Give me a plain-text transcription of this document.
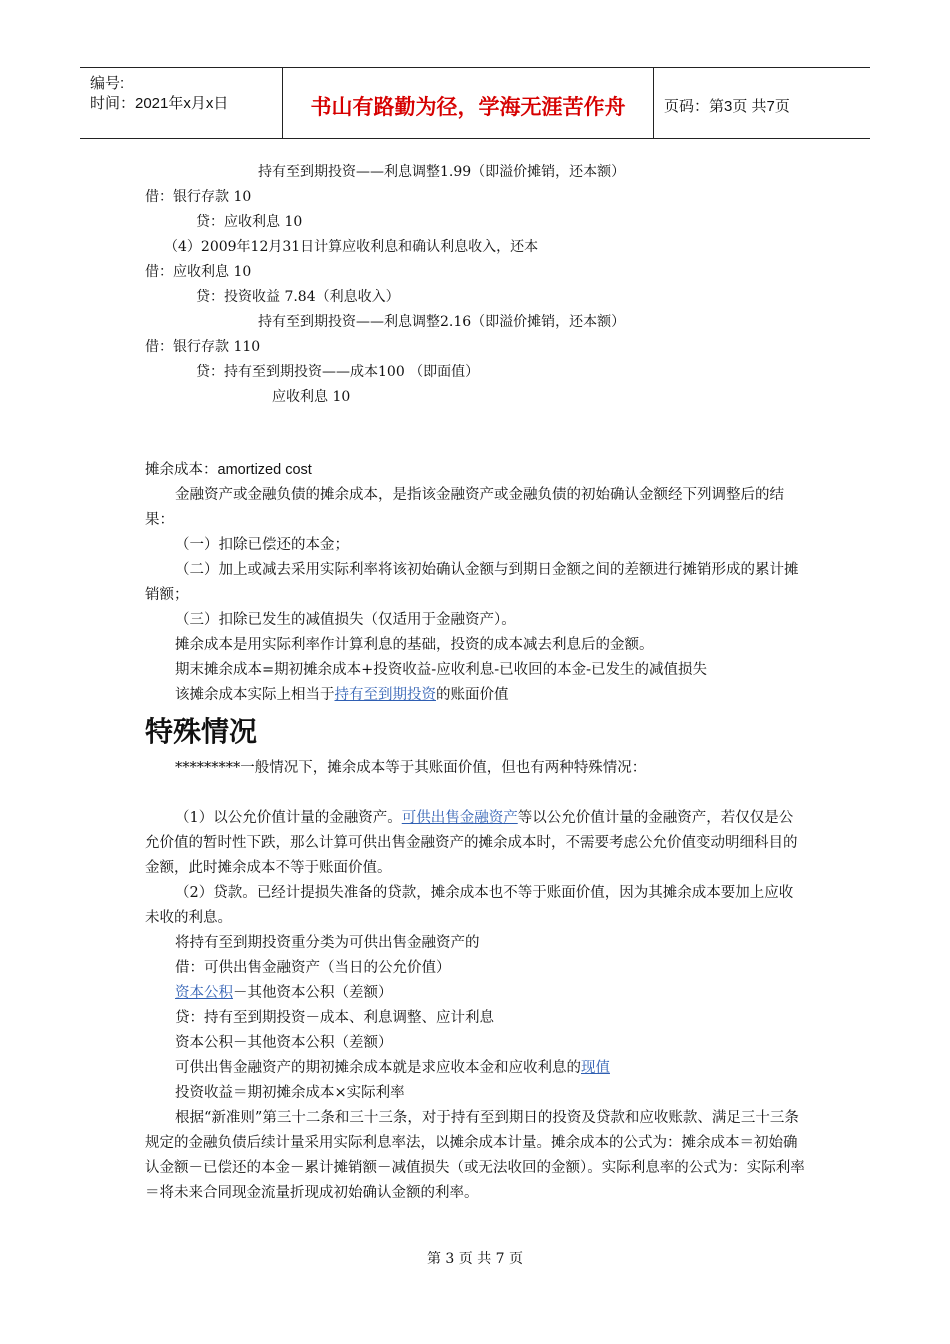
编号:
时间：2021年x月x日	书山有路勤为径，学海无涯苦作舟	页码：第3页 共7页
持有至到期投资——利息调整1.99（即溢价摊销，还本额）
借：银行存款 10
贷：应收利息 10
（4）2009年12月31日计算应收利息和确认利息收入，还本
借：应收利息 10
贷：投资收益 7.84（利息收入）
持有至到期投资——利息调整2.16（即溢价摊销，还本额）
借：银行存款 110
贷：持有至到期投资——成本100 （即面值）
应收利息 10
摊余成本：amortized cost
金融资产或金融负债的摊余成本，是指该金融资产或金融负债的初始确认金额经下列调整后的结果：
（一）扣除已偿还的本金；
（二）加上或减去采用实际利率将该初始确认金额与到期日金额之间的差额进行摊销形成的累计摊销额；
（三）扣除已发生的减值损失（仅适用于金融资产）。
摊余成本是用实际利率作计算利息的基础，投资的成本减去利息后的金额。
期末摊余成本=期初摊余成本+投资收益-应收利息-已收回的本金-已发生的减值损失
该摊余成本实际上相当于持有至到期投资的账面价值
特殊情况
*********一般情况下，摊余成本等于其账面价值，但也有两种特殊情况：
（1）以公允价值计量的金融资产。可供出售金融资产等以公允价值计量的金融资产，若仅仅是公允价值的暂时性下跌，那么计算可供出售金融资产的摊余成本时，不需要考虑公允价值变动明细科目的金额，此时摊余成本不等于账面价值。
（2）贷款。已经计提损失准备的贷款，摊余成本也不等于账面价值，因为其摊余成本要加上应收未收的利息。
将持有至到期投资重分类为可供出售金融资产的
借：可供出售金融资产（当日的公允价值）
资本公积－其他资本公积（差额）
贷：持有至到期投资－成本、利息调整、应计利息
资本公积－其他资本公积（差额）
可供出售金融资产的期初摊余成本就是求应收本金和应收利息的现值
投资收益＝期初摊余成本×实际利率
根据“新准则”第三十二条和三十三条，对于持有至到期日的投资及贷款和应收账款、满足三十三条规定的金融负债后续计量采用实际利息率法，以摊余成本计量。摊余成本的公式为：摊余成本＝初始确认金额－已偿还的本金－累计摊销额－减值损失（或无法收回的金额）。实际利息率的公式为：实际利率＝将未来合同现金流量折现成初始确认金额的利率。
第 3 页 共 7 页
